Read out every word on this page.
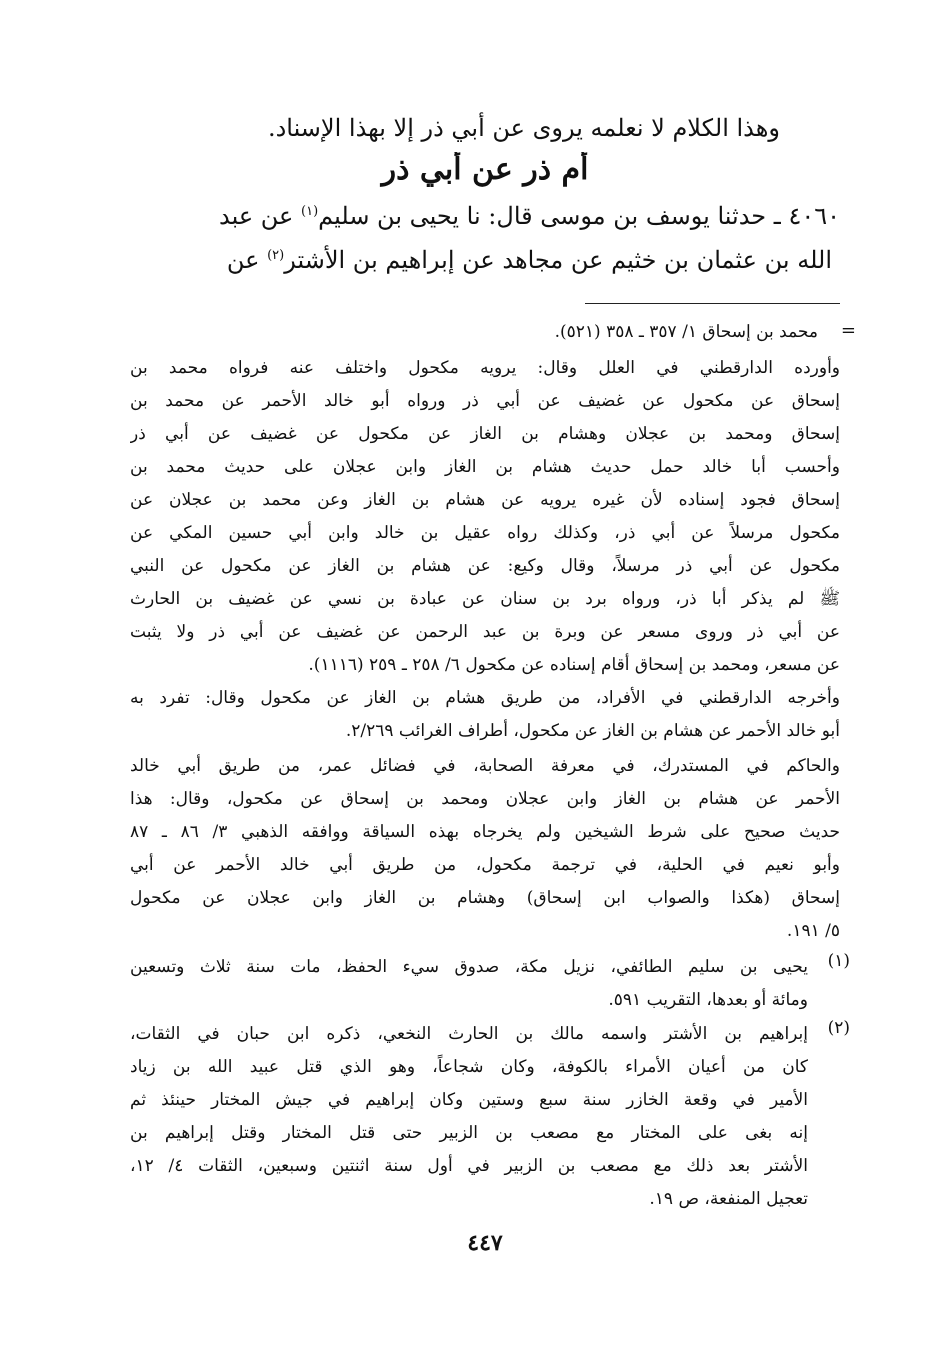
وهذا الكلام لا نعلمه يروى عن أبي ذر إلا بهذا الإسناد.
أم ذر عن أبي ذر
٤٠٦٠ ـ حدثنا يوسف بن موسى قال: نا يحيى بن سليم$^{(١)}$ عن عبد
الله بن عثمان بن خثيم عن مجاهد عن إبراهيم بن الأشتر$^{(٢)}$ عن
=
محمد بن إسحاق ١/ ٣٥٧ ـ ٣٥٨ (٥٢١).
وأورده الدارقطني في العلل وقال: يرويه مكحول واختلف عنه فرواه محمد بن
إسحاق عن مكحول عن غضيف عن أبي ذر ورواه أبو خالد الأحمر عن محمد بن
إسحاق ومحمد بن عجلان وهشام بن الغاز عن مكحول عن غضيف عن أبي ذر
وأحسب أبا خالد حمل حديث هشام بن الغاز وابن عجلان على حديث محمد بن
إسحاق فجود إسناده لأن غيره يرويه عن هشام بن الغاز وعن محمد بن عجلان عن
مكحول مرسلاً عن أبي ذر، وكذلك رواه عقيل بن خالد وابن أبي حسين المكي عن
مكحول عن أبي ذر مرسلاً، وقال وكيع: عن هشام بن الغاز عن مكحول عن النبي
ﷺ لم يذكر أبا ذر، ورواه برد بن سنان عن عبادة بن نسي عن غضيف بن الحارث
عن أبي ذر وروى مسعر عن وبرة بن عبد الرحمن عن غضيف عن أبي ذر ولا يثبت
عن مسعر، ومحمد بن إسحاق أقام إسناده عن مكحول ٦/ ٢٥٨ ـ ٢٥٩ (١١١٦).
وأخرجه الدارقطني في الأفراد، من طريق هشام بن الغاز عن مكحول وقال: تفرد به
أبو خالد الأحمر عن هشام بن الغاز عن مكحول، أطراف الغرائب ٢/٢٦٩.
والحاكم في المستدرك، في معرفة الصحابة، في فضائل عمر، من طريق أبي خالد
الأحمر عن هشام بن الغاز وابن عجلان ومحمد بن إسحاق عن مكحول، وقال: هذا
حديث صحيح على شرط الشيخين ولم يخرجاه بهذه السياقة ووافقه الذهبي ٣/ ٨٦ ـ ٨٧
وأبو نعيم في الحلية، في ترجمة مكحول، من طريق أبي خالد الأحمر عن أبي
إسحاق (هكذا والصواب ابن إسحاق) وهشام بن الغاز وابن عجلان عن مكحول
٥/ ١٩١.
(١)
يحيى بن سليم الطائفي، نزيل مكة، صدوق سيء الحفظ، مات سنة ثلاث وتسعين
ومائة أو بعدها، التقريب ٥٩١.
(٢)
إبراهيم بن الأشتر واسمه مالك بن الحارث النخعي، ذكره ابن حبان في الثقات،
كان من أعيان الأمراء بالكوفة، وكان شجاعاً، وهو الذي قتل عبيد الله بن زياد
الأمير في وقعة الخازر سنة سبع وستين وكان إبراهيم في جيش المختار حينئذ ثم
إنه بغى على المختار مع مصعب بن الزبير حتى قتل المختار وقتل إبراهيم بن
الأشتر بعد ذلك مع مصعب بن الزبير في أول سنة اثنتين وسبعين، الثقات ٤/ ١٢،
تعجيل المنفعة، ص ١٩.
٤٤٧
